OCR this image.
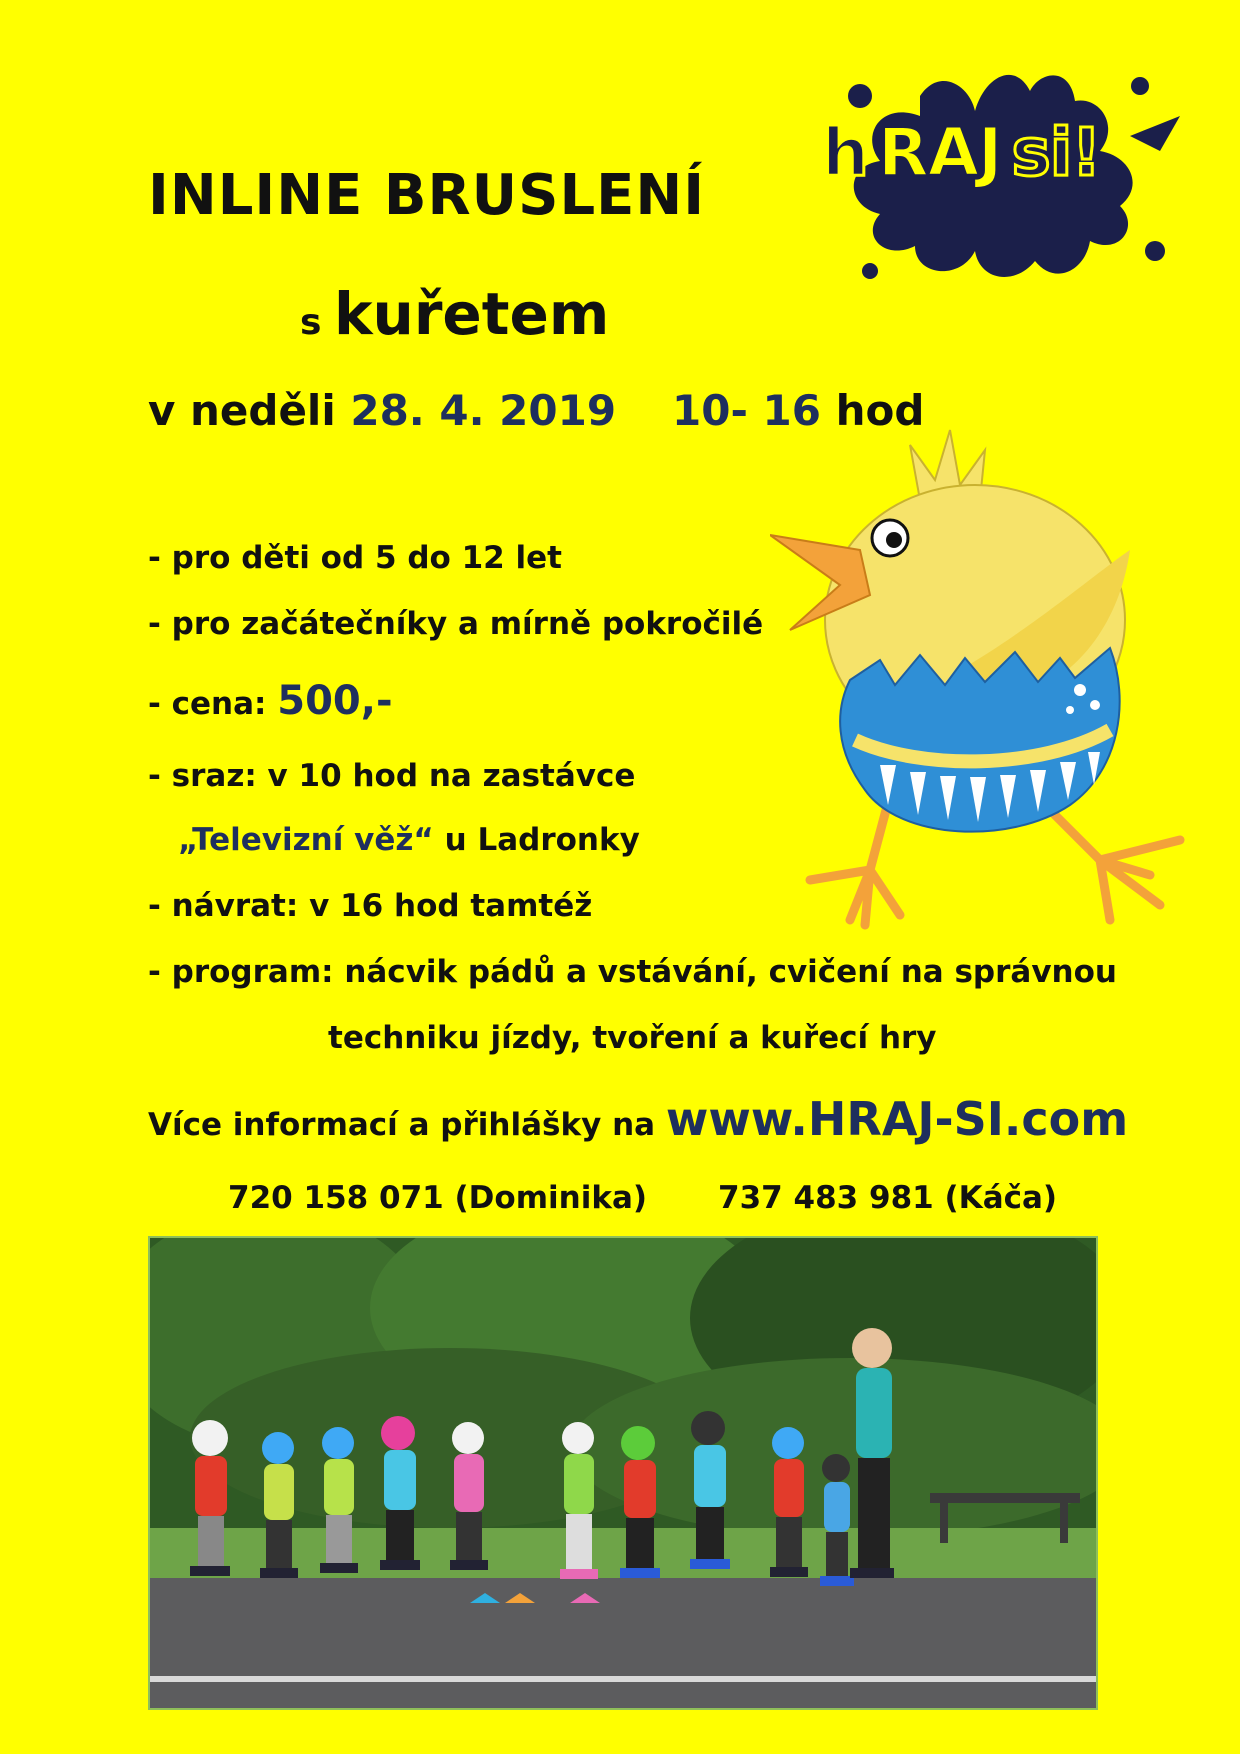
h RAJ si!
INLINE BRUSLENÍ
s kuřetem
v neděli 28. 4. 2019 10- 16 hod
- pro děti od 5 do 12 let
- pro začátečníky a mírně pokročilé
- cena: 500,-
- sraz: v 10 hod na zastávce
„Televizní věž“ u Ladronky
- návrat: v 16 hod tamtéž
- program: nácvik pádů a vstávání, cvičení na správnou
techniku jízdy, tvoření a kuřecí hry
Více informací a přihlášky na www.HRAJ-SI.com
720 158 071 (Dominika) 737 483 981 (Káča)
